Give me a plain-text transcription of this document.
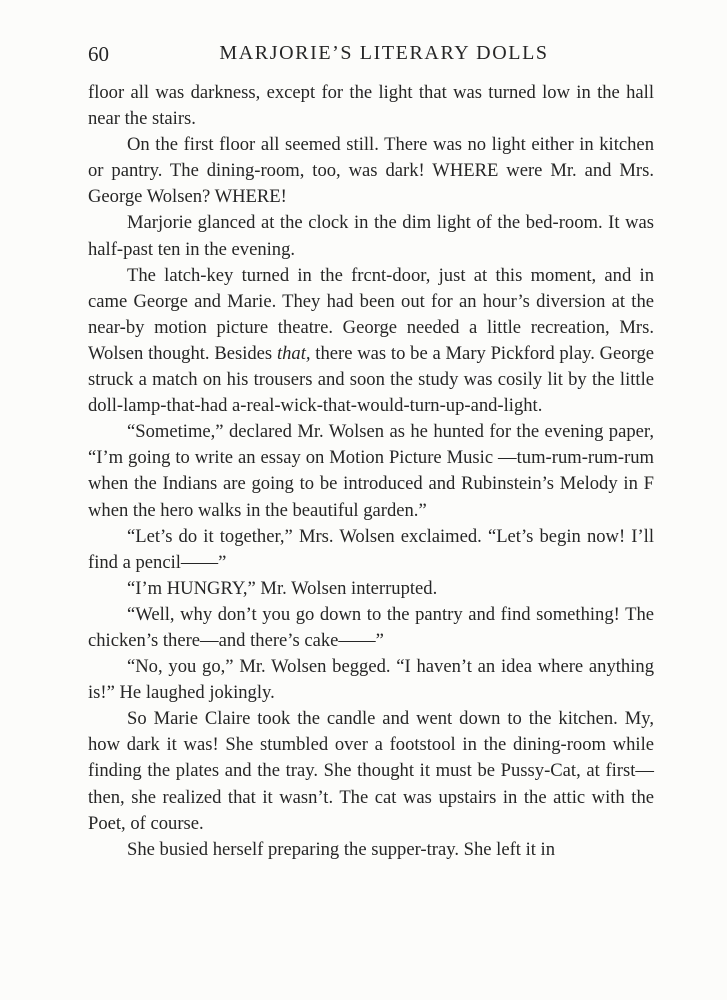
60	MARJORIE’S LITERARY DOLLS

floor all was darkness, except for the light that was turned low in the hall near the stairs.

On the first floor all seemed still. There was no light either in kitchen or pantry. The dining-room, too, was dark! WHERE were Mr. and Mrs. George Wolsen? WHERE!

Marjorie glanced at the clock in the dim light of the bed-room. It was half-past ten in the evening.

The latch-key turned in the frcnt-door, just at this moment, and in came George and Marie. They had been out for an hour’s diversion at the near-by motion picture theatre. George needed a little recreation, Mrs. Wolsen thought. Besides that, there was to be a Mary Pickford play. George struck a match on his trousers and soon the study was cosily lit by the little doll-lamp-that-had a-real-wick-that-would-turn-up-and-light.

“Sometime,” declared Mr. Wolsen as he hunted for the evening paper, “I’m going to write an essay on Motion Picture Music —tum-rum-rum-rum when the Indians are going to be introduced and Rubinstein’s Melody in F when the hero walks in the beautiful garden.”

“Let’s do it together,” Mrs. Wolsen exclaimed. “Let’s begin now! I’ll find a pencil——”

“I’m HUNGRY,” Mr. Wolsen interrupted.

“Well, why don’t you go down to the pantry and find something! The chicken’s there—and there’s cake——”

“No, you go,” Mr. Wolsen begged. “I haven’t an idea where anything is!” He laughed jokingly.

So Marie Claire took the candle and went down to the kitchen. My, how dark it was! She stumbled over a footstool in the dining-room while finding the plates and the tray. She thought it must be Pussy-Cat, at first—then, she realized that it wasn’t. The cat was upstairs in the attic with the Poet, of course.

She busied herself preparing the supper-tray. She left it in
